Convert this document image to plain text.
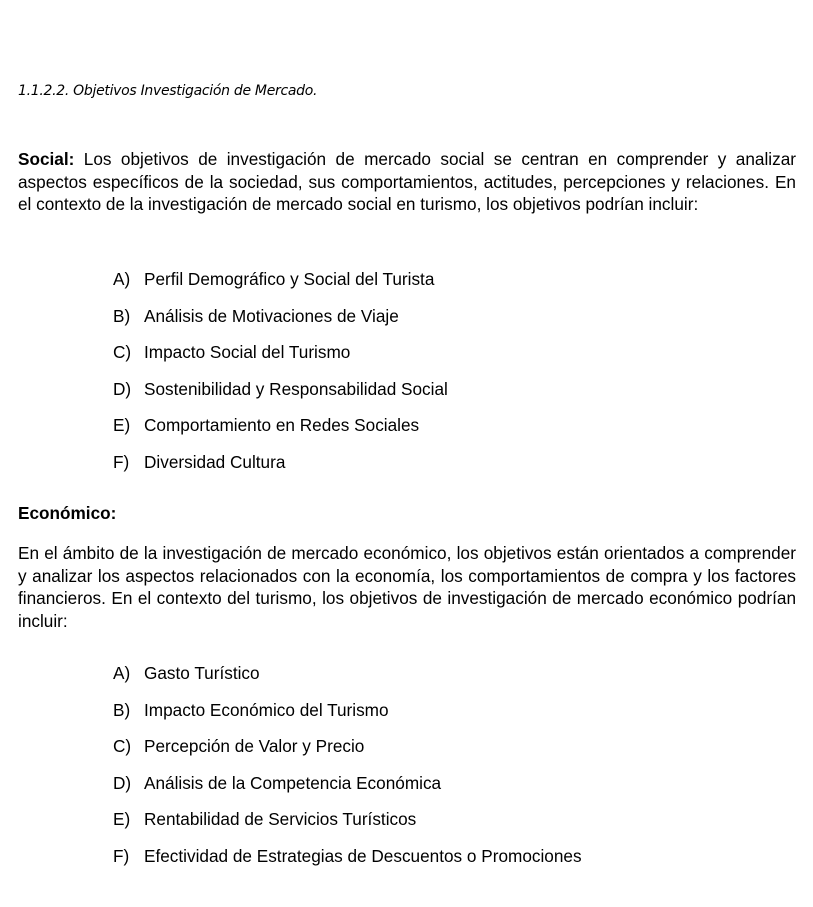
1.1.2.2. Objetivos Investigación de Mercado.

Social: Los objetivos de investigación de mercado social se centran en comprender y analizar aspectos específicos de la sociedad, sus comportamientos, actitudes, percepciones y relaciones. En el contexto de la investigación de mercado social en turismo, los objetivos podrían incluir:

A) Perfil Demográfico y Social del Turista
B) Análisis de Motivaciones de Viaje
C) Impacto Social del Turismo
D) Sostenibilidad y Responsabilidad Social
E) Comportamiento en Redes Sociales
F) Diversidad Cultura
Económico:

En el ámbito de la investigación de mercado económico, los objetivos están orientados a comprender y analizar los aspectos relacionados con la economía, los comportamientos de compra y los factores financieros. En el contexto del turismo, los objetivos de investigación de mercado económico podrían incluir:

A) Gasto Turístico
B) Impacto Económico del Turismo
C) Percepción de Valor y Precio
D) Análisis de la Competencia Económica
E) Rentabilidad de Servicios Turísticos
F) Efectividad de Estrategias de Descuentos o Promociones
